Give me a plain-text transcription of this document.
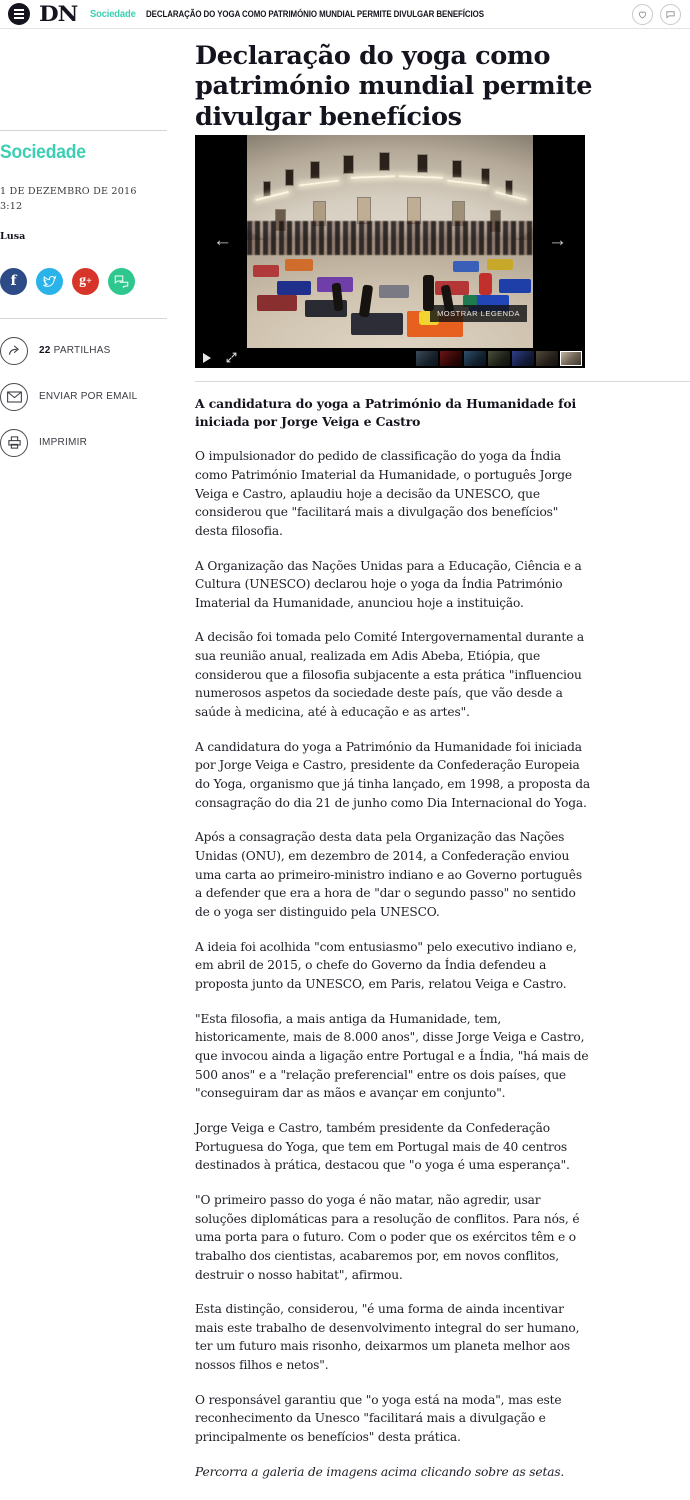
DN Sociedade DECLARAÇÃO DO YOGA COMO PATRIMÓNIO MUNDIAL PERMITE DIVULGAR BENEFÍCIOS
Declaração do yoga como património mundial permite divulgar benefícios
Sociedade
1 DE DEZEMBRO DE 2016
3:12
Lusa
f	g+
22 PARTILHAS
ENVIAR POR EMAIL
IMPRIMIR
MOSTRAR LEGENDA
←	→

A candidatura do yoga a Património da Humanidade foi iniciada por Jorge Veiga e Castro

O impulsionador do pedido de classificação do yoga da Índia como Património Imaterial da Humanidade, o português Jorge Veiga e Castro, aplaudiu hoje a decisão da UNESCO, que considerou que "facilitará mais a divulgação dos benefícios" desta filosofia.

A Organização das Nações Unidas para a Educação, Ciência e a Cultura (UNESCO) declarou hoje o yoga da Índia Património Imaterial da Humanidade, anunciou hoje a instituição.

A decisão foi tomada pelo Comité Intergovernamental durante a sua reunião anual, realizada em Adis Abeba, Etiópia, que considerou que a filosofia subjacente a esta prática "influenciou numerosos aspetos da sociedade deste país, que vão desde a saúde à medicina, até à educação e as artes".

A candidatura do yoga a Património da Humanidade foi iniciada por Jorge Veiga e Castro, presidente da Confederação Europeia do Yoga, organismo que já tinha lançado, em 1998, a proposta da consagração do dia 21 de junho como Dia Internacional do Yoga.

Após a consagração desta data pela Organização das Nações Unidas (ONU), em dezembro de 2014, a Confederação enviou uma carta ao primeiro-ministro indiano e ao Governo português a defender que era a hora de "dar o segundo passo" no sentido de o yoga ser distinguido pela UNESCO.

A ideia foi acolhida "com entusiasmo" pelo executivo indiano e, em abril de 2015, o chefe do Governo da Índia defendeu a proposta junto da UNESCO, em Paris, relatou Veiga e Castro.

"Esta filosofia, a mais antiga da Humanidade, tem, historicamente, mais de 8.000 anos", disse Jorge Veiga e Castro, que invocou ainda a ligação entre Portugal e a Índia, "há mais de 500 anos" e a "relação preferencial" entre os dois países, que "conseguiram dar as mãos e avançar em conjunto".

Jorge Veiga e Castro, também presidente da Confederação Portuguesa do Yoga, que tem em Portugal mais de 40 centros destinados à prática, destacou que "o yoga é uma esperança".

"O primeiro passo do yoga é não matar, não agredir, usar soluções diplomáticas para a resolução de conflitos. Para nós, é uma porta para o futuro. Com o poder que os exércitos têm e o trabalho dos cientistas, acabaremos por, em novos conflitos, destruir o nosso habitat", afirmou.

Esta distinção, considerou, "é uma forma de ainda incentivar mais este trabalho de desenvolvimento integral do ser humano, ter um futuro mais risonho, deixarmos um planeta melhor aos nossos filhos e netos".

O responsável garantiu que "o yoga está na moda", mas este reconhecimento da Unesco "facilitará mais a divulgação e principalmente os benefícios" desta prática.

Percorra a galeria de imagens acima clicando sobre as setas.
